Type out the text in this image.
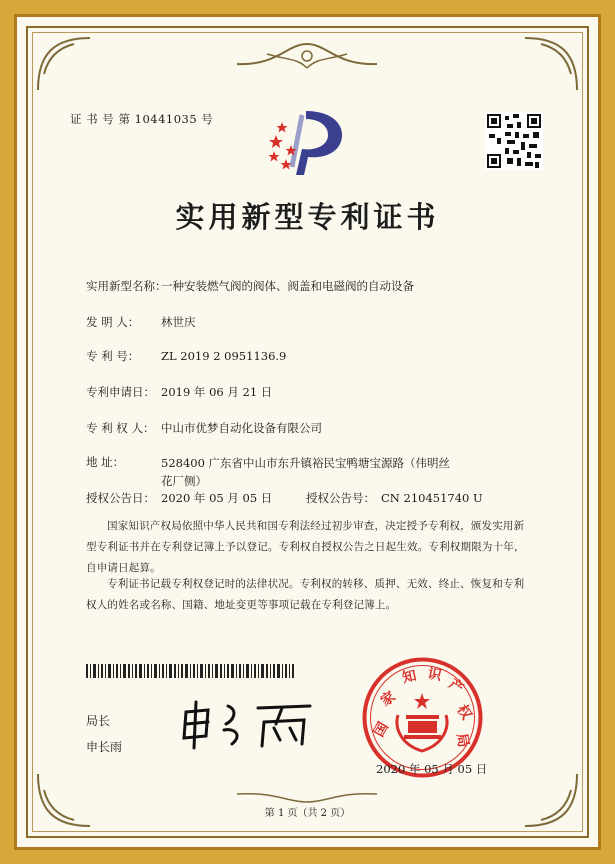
证 书 号 第 10441035 号
实用新型专利证书
实用新型名称：一种安装燃气阀的阀体、阀盖和电磁阀的自动设备
发 明 人： 林世庆
专 利 号： ZL 2019 2 0951136.9
专利申请日： 2019 年 06 月 21 日
专 利 权 人： 中山市优梦自动化设备有限公司
地 址：	528400 广东省中山市东升镇裕民宝鸭塘宝源路（伟明丝花厂侧）
授权公告日： 2020 年 05 月 05 日	授权公告号： CN 210451740 U
国家知识产权局依照中华人民共和国专利法经过初步审查，决定授予专利权，颁发实用新型专利证书并在专利登记簿上予以登记。专利权自授权公告之日起生效。专利权期限为十年，自申请日起算。
专利证书记载专利权登记时的法律状况。专利权的转移、质押、无效、终止、恢复和专利权人的姓名或名称、国籍、地址变更等事项记载在专利登记簿上。
局长
申长雨
国
家
知 识
产
权
局
2020 年 05 月 05 日
第 1 页（共 2 页）
